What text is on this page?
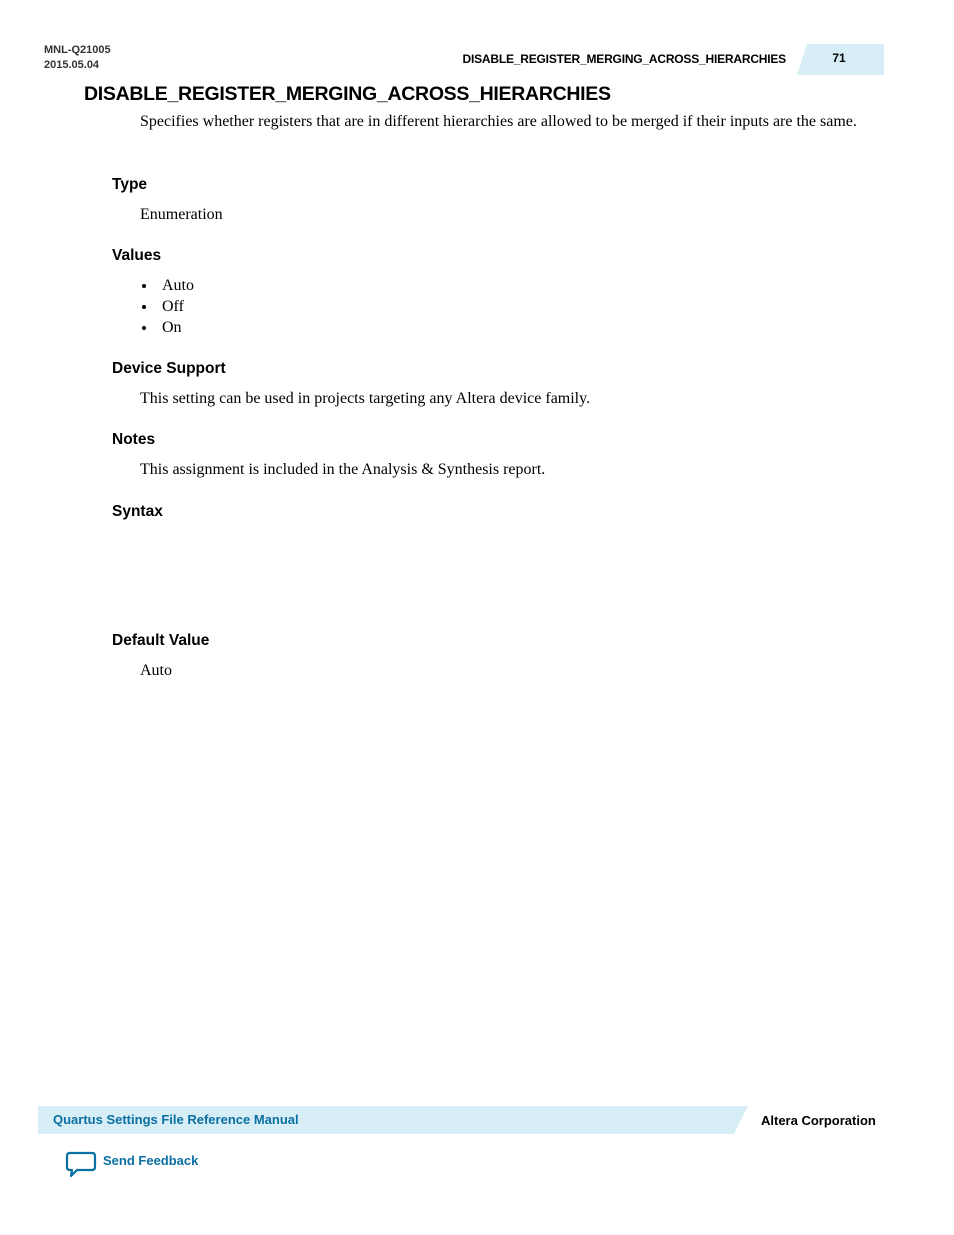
MNL-Q21005
2015.05.04	DISABLE_REGISTER_MERGING_ACROSS_HIERARCHIES	71
DISABLE_REGISTER_MERGING_ACROSS_HIERARCHIES

Specifies whether registers that are in different hierarchies are allowed to be merged if their inputs are the same.

Type

Enumeration

Values
Auto
Off
On
Device Support

This setting can be used in projects targeting any Altera device family.

Notes

This assignment is included in the Analysis & Synthesis report.

Syntax
Default Value

Auto

Quartus Settings File Reference Manual	Altera Corporation
Send Feedback
